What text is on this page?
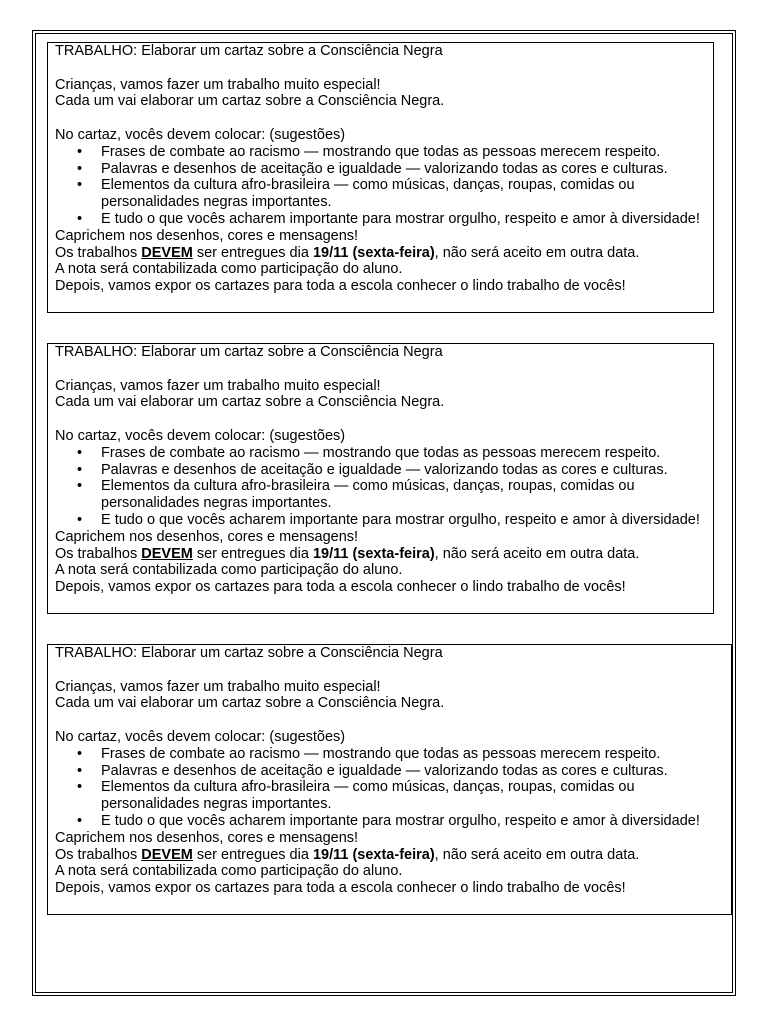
TRABALHO: Elaborar um cartaz sobre a Consciência Negra

Crianças, vamos fazer um trabalho muito especial!

Cada um vai elaborar um cartaz sobre a Consciência Negra.

No cartaz, vocês devem colocar: (sugestões)

• Frases de combate ao racismo — mostrando que todas as pessoas merecem respeito.
• Palavras e desenhos de aceitação e igualdade — valorizando todas as cores e culturas.
• Elementos da cultura afro-brasileira — como músicas, danças, roupas, comidas ou personalidades negras importantes.
• E tudo o que vocês acharem importante para mostrar orgulho, respeito e amor à diversidade!

Caprichem nos desenhos, cores e mensagens!

Os trabalhos DEVEM ser entregues dia 19/11 (sexta-feira), não será aceito em outra data.

A nota será contabilizada como participação do aluno.

Depois, vamos expor os cartazes para toda a escola conhecer o lindo trabalho de vocês!

TRABALHO: Elaborar um cartaz sobre a Consciência Negra

Crianças, vamos fazer um trabalho muito especial!

Cada um vai elaborar um cartaz sobre a Consciência Negra.

No cartaz, vocês devem colocar: (sugestões)

• Frases de combate ao racismo — mostrando que todas as pessoas merecem respeito.
• Palavras e desenhos de aceitação e igualdade — valorizando todas as cores e culturas.
• Elementos da cultura afro-brasileira — como músicas, danças, roupas, comidas ou personalidades negras importantes.
• E tudo o que vocês acharem importante para mostrar orgulho, respeito e amor à diversidade!

Caprichem nos desenhos, cores e mensagens!

Os trabalhos DEVEM ser entregues dia 19/11 (sexta-feira), não será aceito em outra data.

A nota será contabilizada como participação do aluno.

Depois, vamos expor os cartazes para toda a escola conhecer o lindo trabalho de vocês!

TRABALHO: Elaborar um cartaz sobre a Consciência Negra

Crianças, vamos fazer um trabalho muito especial!

Cada um vai elaborar um cartaz sobre a Consciência Negra.

No cartaz, vocês devem colocar: (sugestões)

• Frases de combate ao racismo — mostrando que todas as pessoas merecem respeito.
• Palavras e desenhos de aceitação e igualdade — valorizando todas as cores e culturas.
• Elementos da cultura afro-brasileira — como músicas, danças, roupas, comidas ou personalidades negras importantes.
• E tudo o que vocês acharem importante para mostrar orgulho, respeito e amor à diversidade!

Caprichem nos desenhos, cores e mensagens!

Os trabalhos DEVEM ser entregues dia 19/11 (sexta-feira), não será aceito em outra data.

A nota será contabilizada como participação do aluno.

Depois, vamos expor os cartazes para toda a escola conhecer o lindo trabalho de vocês!
